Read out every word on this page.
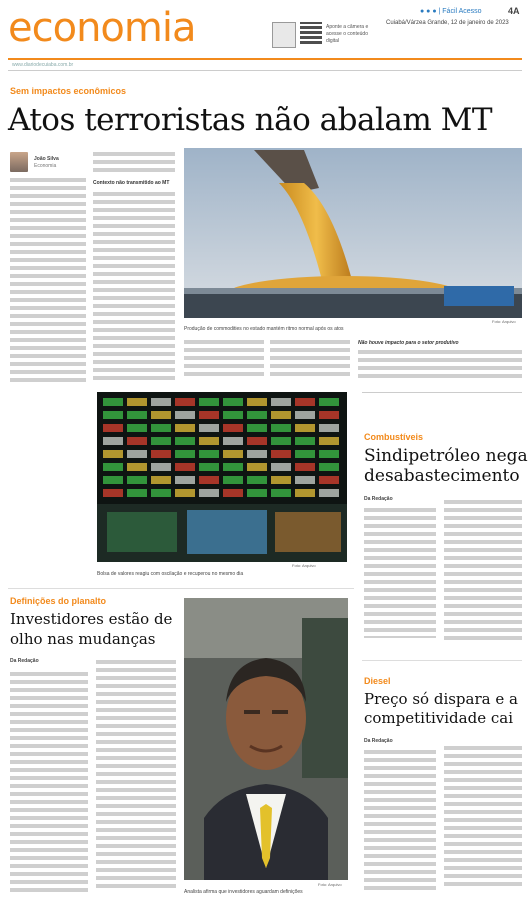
economia	Aponte a câmera e acesse o conteúdo digital
● ● ● | Fácil Acesso	4A
Cuiabá/Várzea Grande, 12 de janeiro de 2023
www.diariodecuiaba.com.br
Sem impactos econômicos
Atos terroristas não abalam MT
João Silva
Economia
Contexto não transmitido ao MT
Foto: Arquivo
Produção de commodities no estado mantém ritmo normal após os atos
Não houve impacto para o setor produtivo
Foto: Arquivo
Bolsa de valores reagiu com oscilação e recuperou no mesmo dia
Combustíveis
Sindipetróleo nega
desabastecimento
Da Redação
Diesel
Preço só dispara e a
competitividade cai
Da Redação
Definições do planalto
Investidores estão de
olho nas mudanças
Da Redação
Foto: Arquivo
Analista afirma que investidores aguardam definições
